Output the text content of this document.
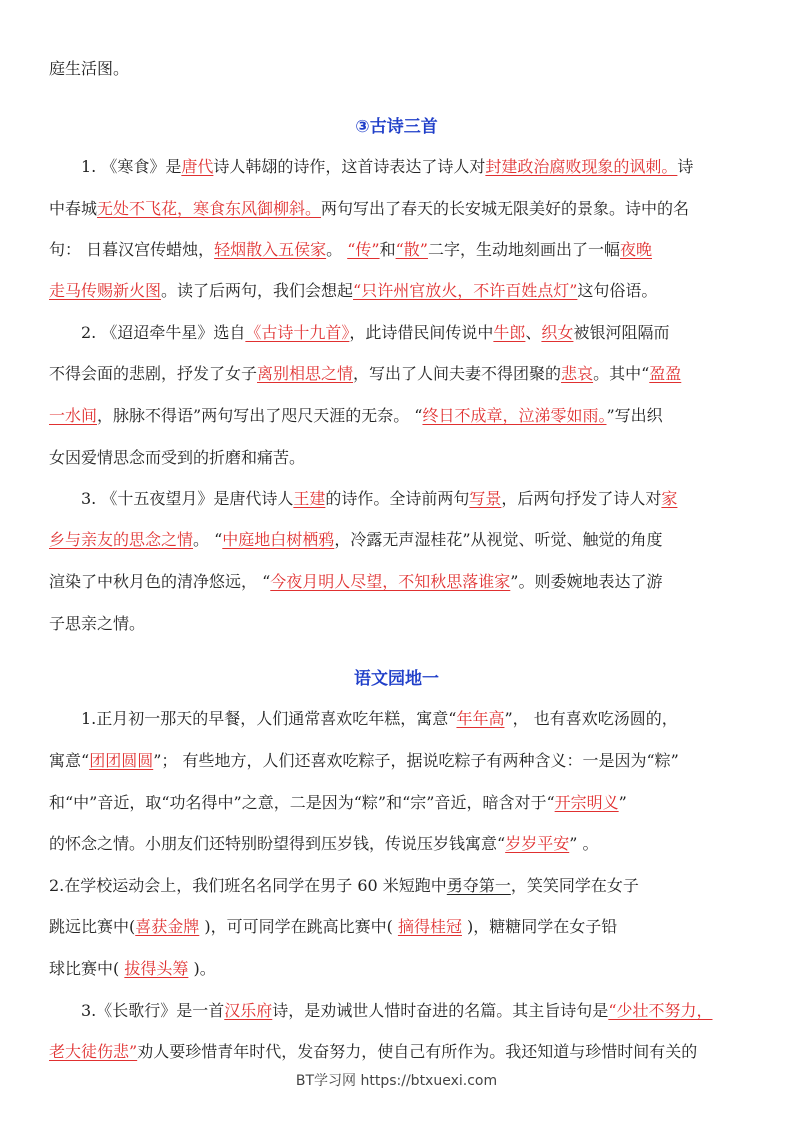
庭生活图。
③古诗三首
1. 《寒食》是唐代诗人韩翃的诗作，这首诗表达了诗人对封建政治腐败现象的讽刺。诗
中春城无处不飞花，寒食东风御柳斜。两句写出了春天的长安城无限美好的景象。诗中的名
句： 日暮汉宫传蜡烛，轻烟散入五侯家。 “传”和“散”二字，生动地刻画出了一幅夜晚
走马传赐新火图。读了后两句，我们会想起“只许州官放火，不许百姓点灯”这句俗语。
2. 《迢迢牵牛星》选自《古诗十九首》，此诗借民间传说中牛郎、织女被银河阻隔而
不得会面的悲剧，抒发了女子离别相思之情，写出了人间夫妻不得团聚的悲哀。其中“盈盈
一水间，脉脉不得语”两句写出了咫尺天涯的无奈。 “终日不成章，泣涕零如雨。”写出织
女因爱情思念而受到的折磨和痛苦。
3. 《十五夜望月》是唐代诗人王建的诗作。全诗前两句写景，后两句抒发了诗人对家
乡与亲友的思念之情。 “中庭地白树栖鸦，冷露无声湿桂花”从视觉、听觉、触觉的角度
渲染了中秋月色的清净悠远， “今夜月明人尽望，不知秋思落谁家”。则委婉地表达了游
子思亲之情。
语文园地一
1.正月初一那天的早餐，人们通常喜欢吃年糕，寓意“年年高”， 也有喜欢吃汤圆的，
寓意“团团圆圆”； 有些地方，人们还喜欢吃粽子，据说吃粽子有两种含义：一是因为“粽”
和“中”音近，取“功名得中”之意，二是因为“粽”和“宗”音近，暗含对于“开宗明义”
的怀念之情。小朋友们还特别盼望得到压岁钱，传说压岁钱寓意“岁岁平安” 。
2.在学校运动会上，我们班名名同学在男子 60 米短跑中勇夺第一，笑笑同学在女子
跳远比赛中(喜获金牌 )，可可同学在跳高比赛中( 摘得桂冠 )，糖糖同学在女子铅
球比赛中( 拔得头筹 )。
3.《长歌行》是一首汉乐府诗，是劝诫世人惜时奋进的名篇。其主旨诗句是“少壮不努力，
老大徒伤悲”劝人要珍惜青年时代，发奋努力，使自己有所作为。我还知道与珍惜时间有关的
BT学习网 https://btxuexi.com
